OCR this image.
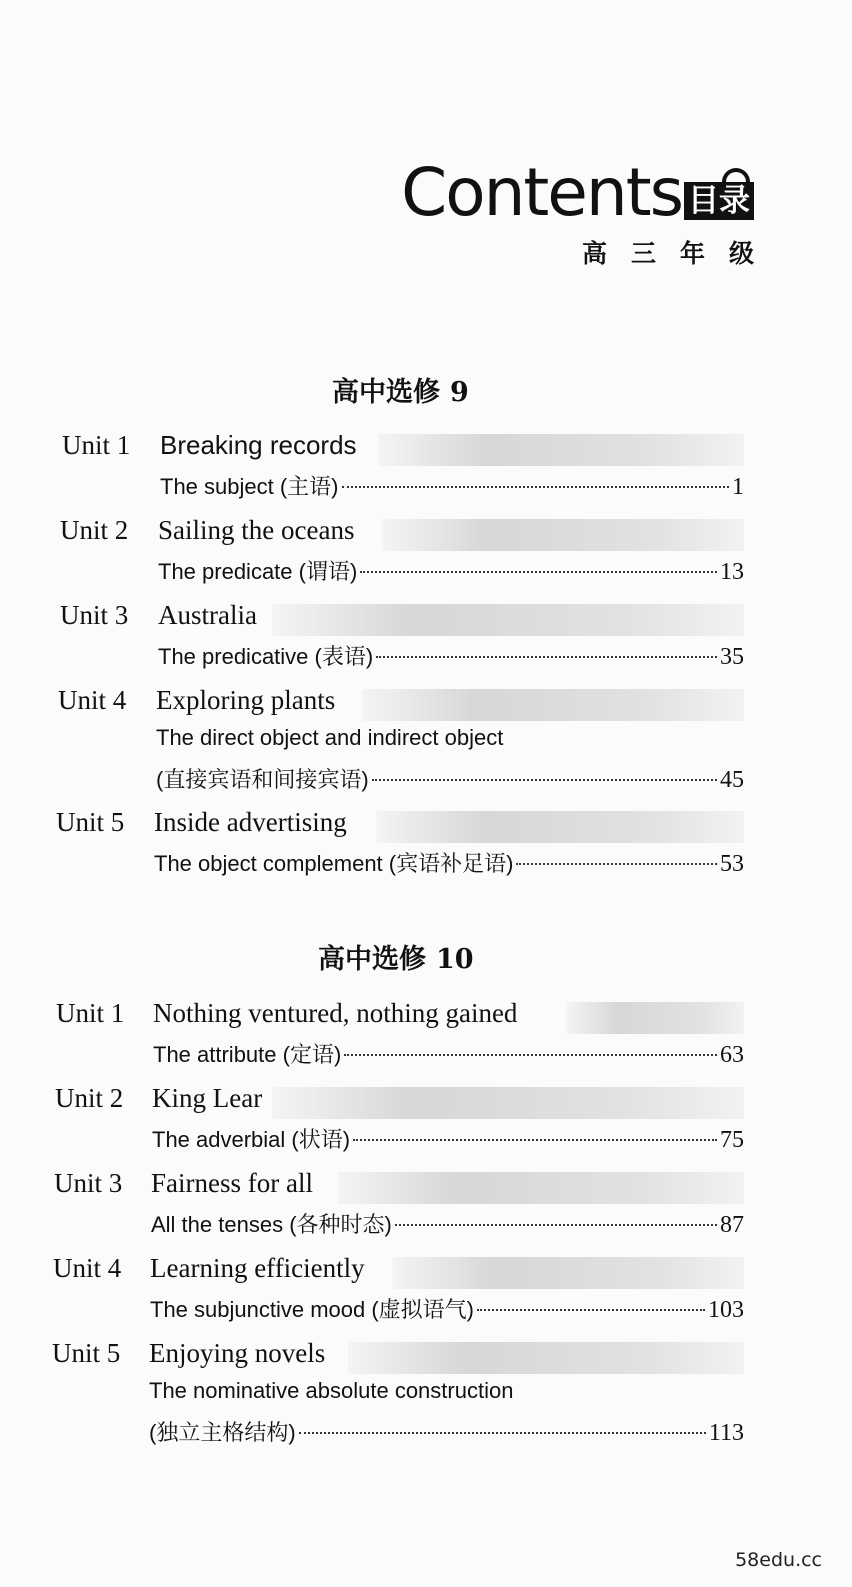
Contents 目录
高三年级
高中选修 9
Unit 1 Breaking records
The subject (主语)	1
Unit 2 Sailing the oceans
The predicate (谓语)	13
Unit 3 Australia
The predicative (表语)	35
Unit 4 Exploring plants
The direct object and indirect object
(直接宾语和间接宾语)	45
Unit 5 Inside advertising
The object complement (宾语补足语)	53
高中选修 10
Unit 1 Nothing ventured, nothing gained
The attribute (定语)	63
Unit 2 King Lear
The adverbial (状语)	75
Unit 3 Fairness for all
All the tenses (各种时态)	87
Unit 4 Learning efficiently
The subjunctive mood (虚拟语气)	103
Unit 5 Enjoying novels
The nominative absolute construction
(独立主格结构)	113
58edu.cc
